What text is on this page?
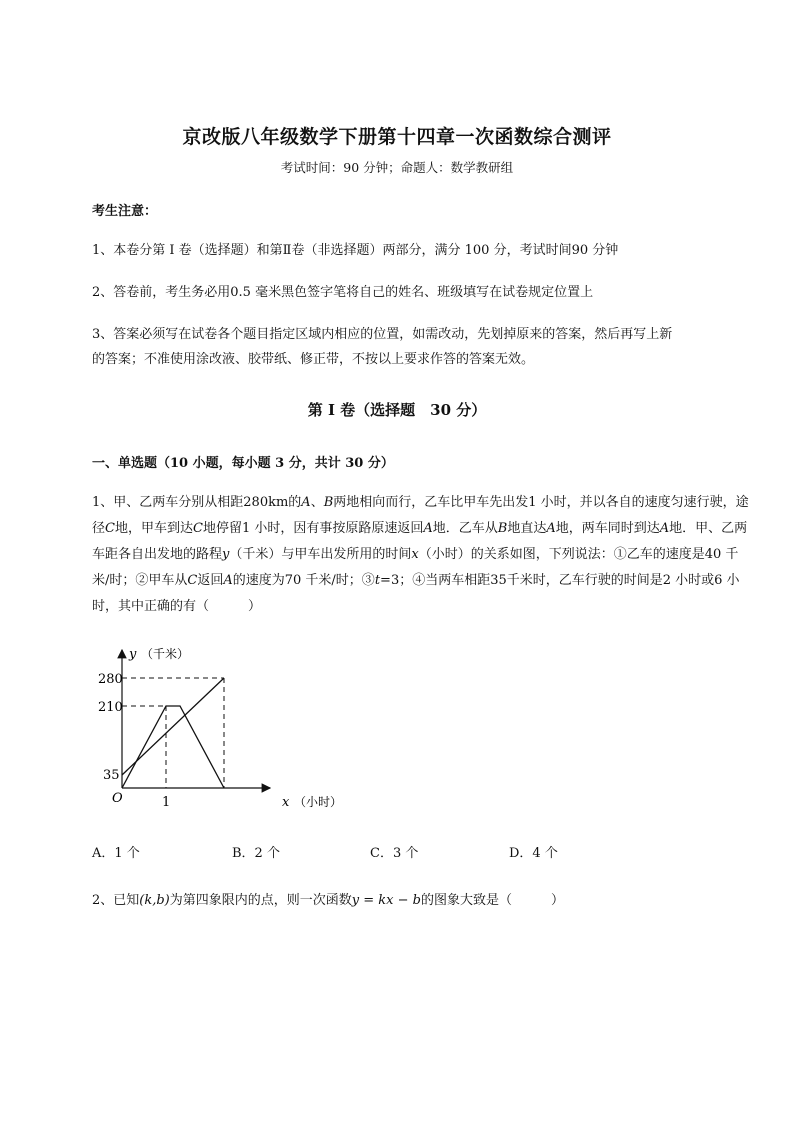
京改版八年级数学下册第十四章一次函数综合测评
考试时间：90 分钟；命题人：数学教研组
考生注意：
1、本卷分第 I 卷（选择题）和第Ⅱ卷（非选择题）两部分，满分 100 分，考试时间90 分钟
2、答卷前，考生务必用0.5 毫米黑色签字笔将自己的姓名、班级填写在试卷规定位置上
3、答案必须写在试卷各个题目指定区域内相应的位置，如需改动，先划掉原来的答案，然后再写上新
的答案；不准使用涂改液、胶带纸、修正带，不按以上要求作答的答案无效。
第 I 卷（选择题　30 分）
一、单选题（10 小题，每小题 3 分，共计 30 分）
1、甲、乙两车分别从相距280km的A、B两地相向而行，乙车比甲车先出发1 小时，并以各自的速度匀速行驶，途径C地，甲车到达C地停留1 小时，因有事按原路原速返回A地．乙车从B地直达A地，两车同时到达A地．甲、乙两车距各自出发地的路程y（千米）与甲车出发所用的时间x（小时）的关系如图，下列说法：①乙车的速度是40 千米/时；②甲车从C返回A的速度为70 千米/时；③t=3；④当两车相距35千米时，乙车行驶的时间是2 小时或6 小时，其中正确的有（　　　）
y （千米）
x （小时）
280
210
35
O	1
A．1 个	B．2 个	C．3 个	D．4 个
2、已知(k,b)为第四象限内的点，则一次函数y = kx − b的图象大致是（　　　）
